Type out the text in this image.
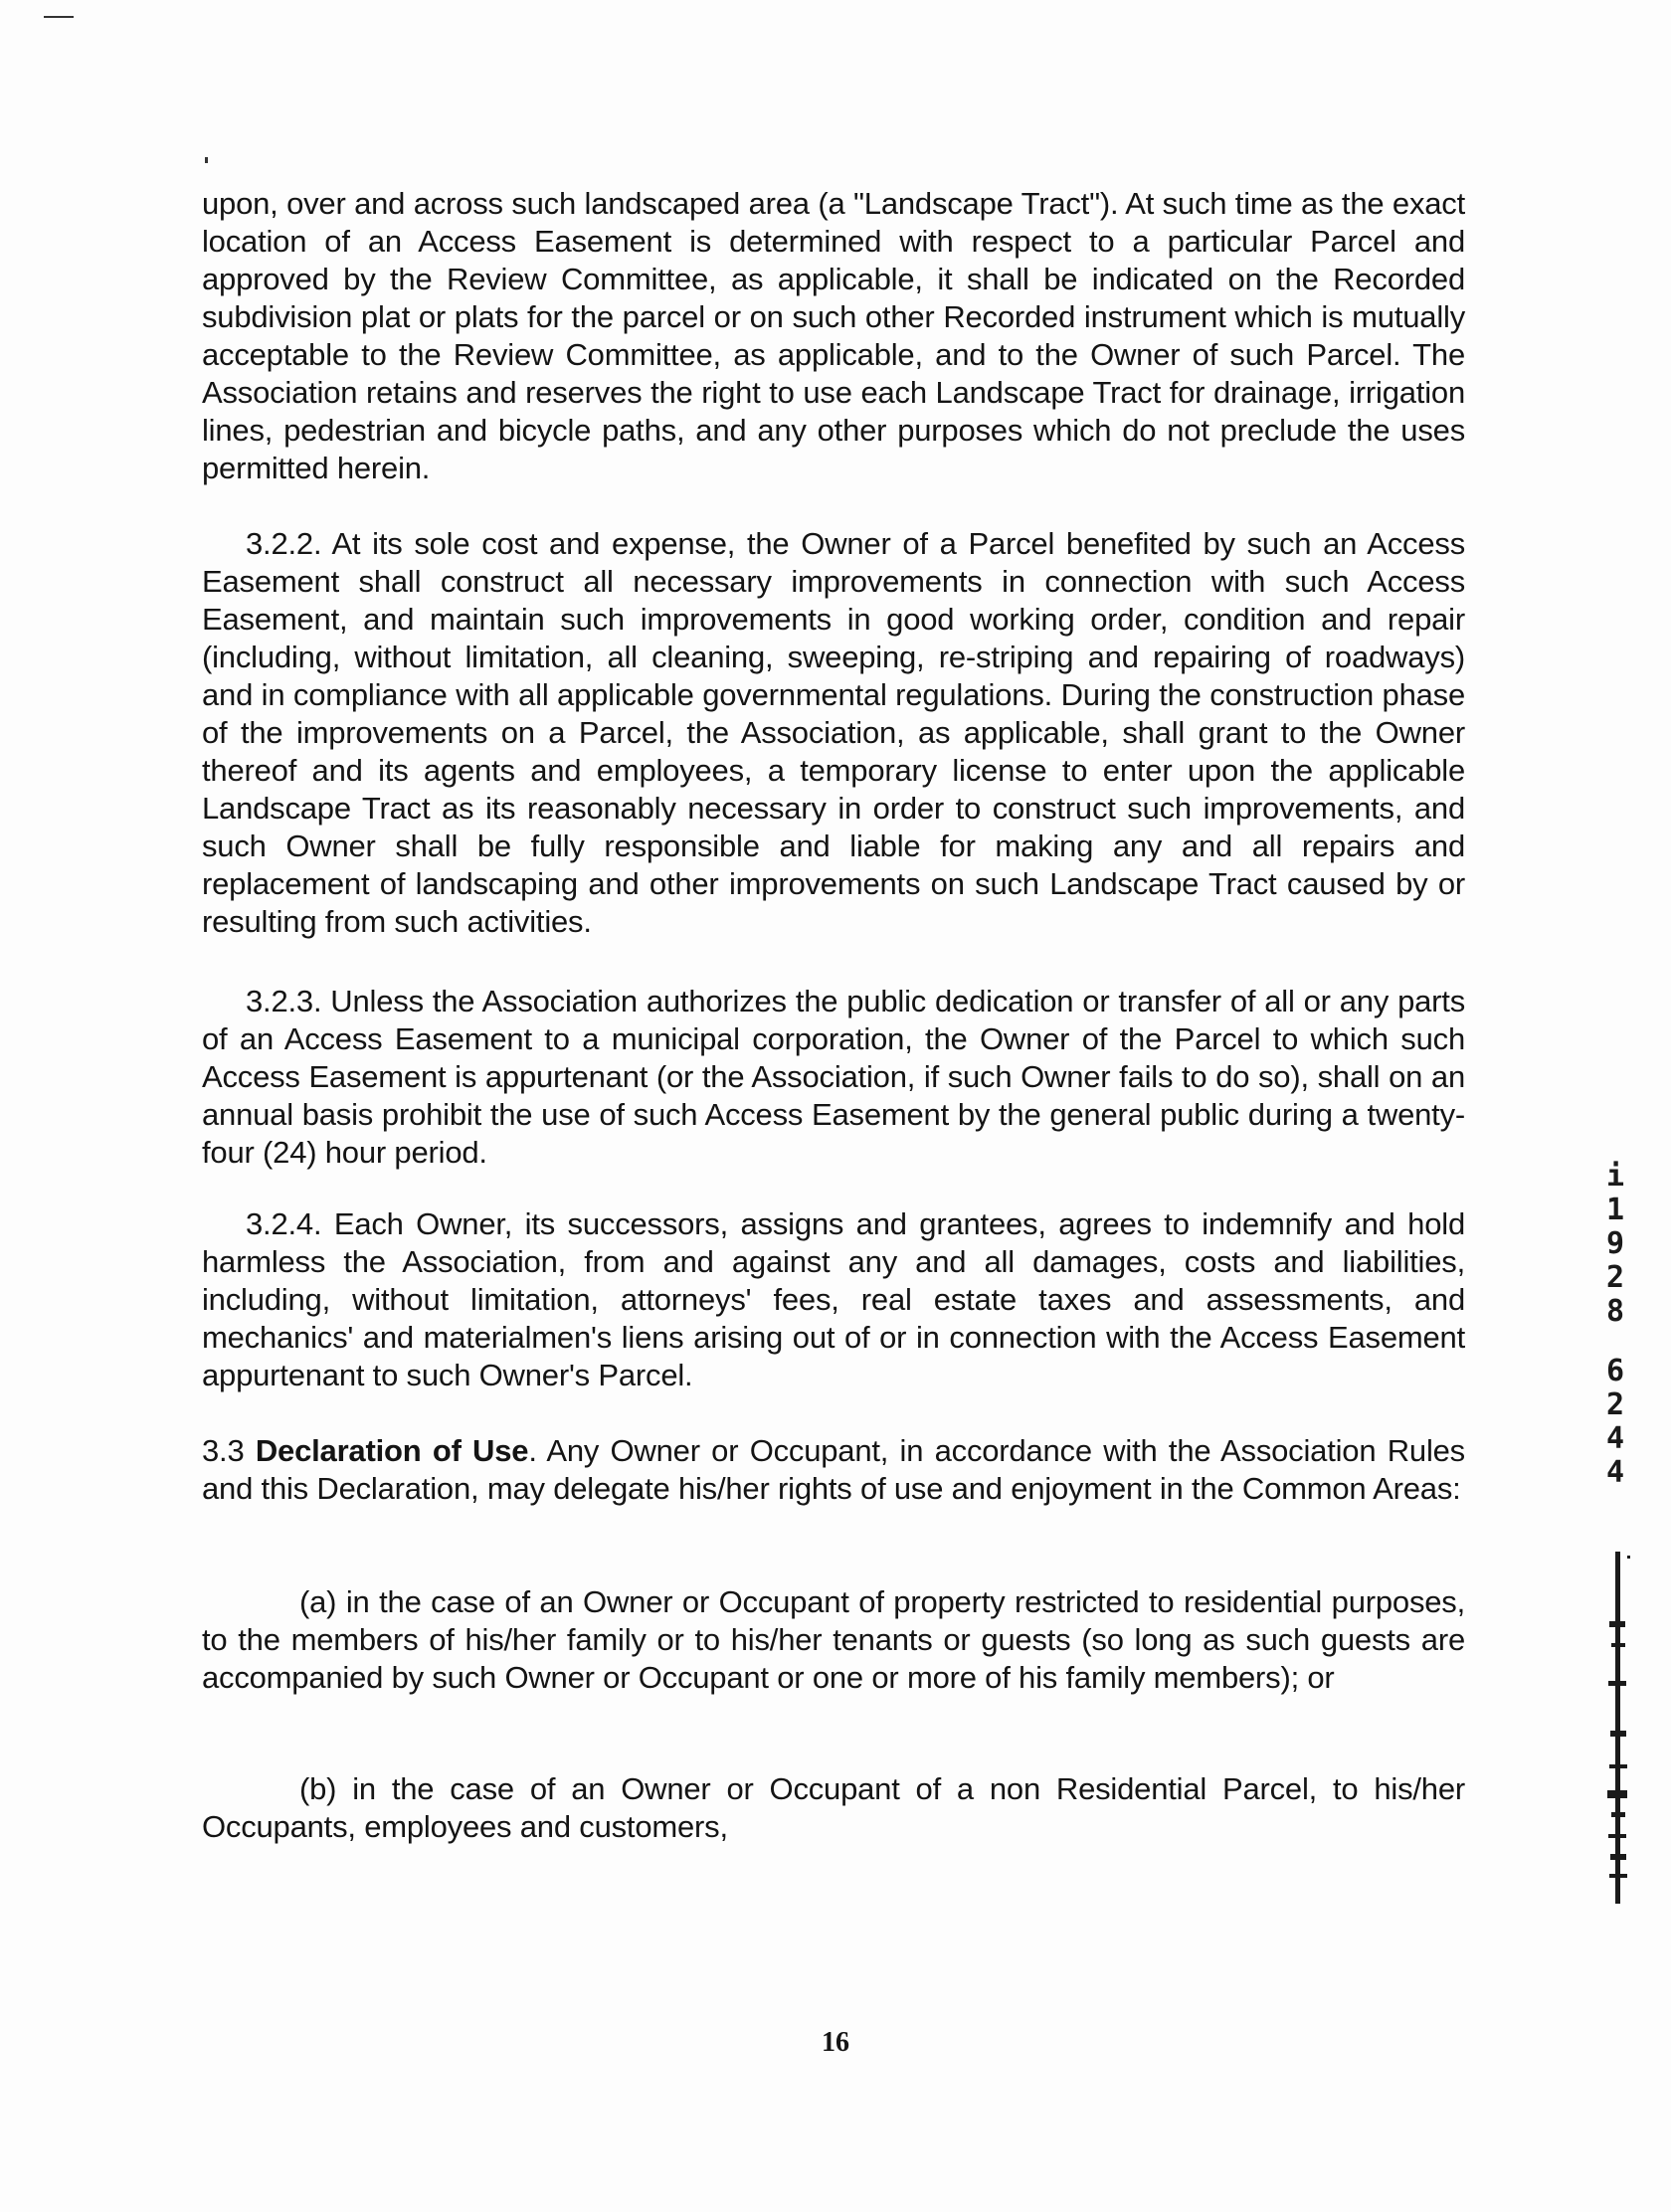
upon, over and across such landscaped area (a "Landscape Tract"). At such time as the exact location of an Access Easement is determined with respect to a particular Parcel and approved by the Review Committee, as applicable, it shall be indicated on the Recorded subdivision plat or plats for the parcel or on such other Recorded instrument which is mutually acceptable to the Review Committee, as applicable, and to the Owner of such Parcel. The Association retains and reserves the right to use each Landscape Tract for drainage, irrigation lines, pedestrian and bicycle paths, and any other purposes which do not preclude the uses permitted herein.

3.2.2. At its sole cost and expense, the Owner of a Parcel benefited by such an Access Easement shall construct all necessary improvements in connection with such Access Easement, and maintain such improvements in good working order, condition and repair (including, without limitation, all cleaning, sweeping, re-striping and repairing of roadways) and in compliance with all applicable governmental regulations. During the construction phase of the improvements on a Parcel, the Association, as applicable, shall grant to the Owner thereof and its agents and employees, a temporary license to enter upon the applicable Landscape Tract as its reasonably necessary in order to construct such improvements, and such Owner shall be fully responsible and liable for making any and all repairs and replacement of landscaping and other improvements on such Landscape Tract caused by or resulting from such activities.

3.2.3. Unless the Association authorizes the public dedication or transfer of all or any parts of an Access Easement to a municipal corporation, the Owner of the Parcel to which such Access Easement is appurtenant (or the Association, if such Owner fails to do so), shall on an annual basis prohibit the use of such Access Easement by the general public during a twenty-four (24) hour period.

3.2.4. Each Owner, its successors, assigns and grantees, agrees to indemnify and hold harmless the Association, from and against any and all damages, costs and liabilities, including, without limitation, attorneys' fees, real estate taxes and assessments, and mechanics' and materialmen's liens arising out of or in connection with the Access Easement appurtenant to such Owner's Parcel.

3.3 Declaration of Use. Any Owner or Occupant, in accordance with the Association Rules and this Declaration, may delegate his/her rights of use and enjoyment in the Common Areas:

(a) in the case of an Owner or Occupant of property restricted to residential purposes, to the members of his/her family or to his/her tenants or guests (so long as such guests are accompanied by such Owner or Occupant or one or more of his family members); or

(b) in the case of an Owner or Occupant of a non Residential Parcel, to his/her Occupants, employees and customers,

i
1
9
2
8
6
2
4
4
16
